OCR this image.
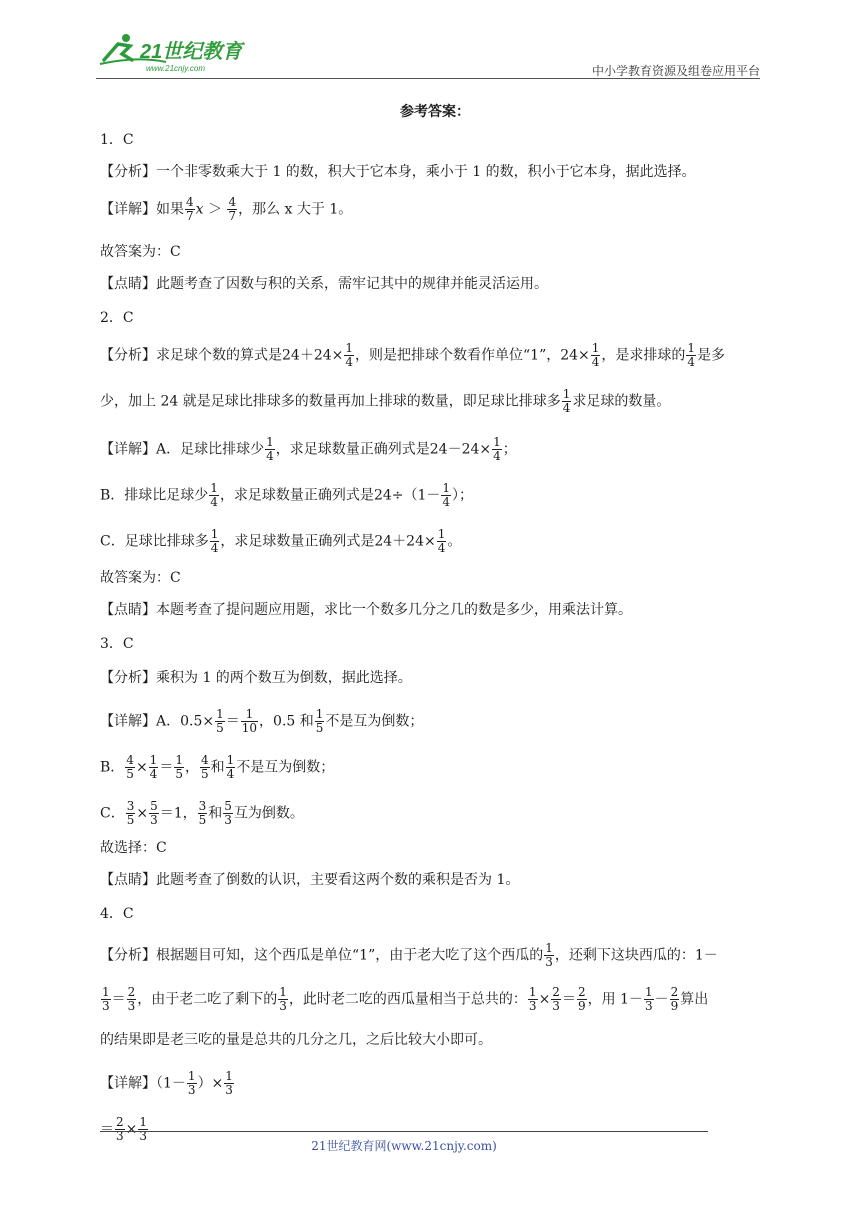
21世纪教育
www.21cnjy.com	中小学教育资源及组卷应用平台
参考答案：
1．C
【分析】一个非零数乘大于 1 的数，积大于它本身，乘小于 1 的数，积小于它本身，据此选择。
【详解】如果 $\frac{4}{7}$ $x > \frac{4}{7}$ ，那么 x 大于 1。
故答案为：C
【点睛】此题考查了因数与积的关系，需牢记其中的规律并能灵活运用。
2．C
【分析】求足球个数的算式是$24+24\times \frac{1}{4}$ ，则是把排球个数看作单位“1”，$24\times \frac{1}{4}$ ，是求排球的 $\frac{1}{4}$ 是多
少，加上 24 就是足球比排球多的数量再加上排球的数量，即足球比排球多 $\frac{1}{4}$ 求足球的数量。
【详解】A．足球比排球少 $\frac{1}{4}$ ，求足球数量正确列式是$24-24\times \frac{1}{4}$ ；
B．排球比足球少 $\frac{1}{4}$ ，求足球数量正确列式是$24\div(1- \frac{1}{4}$ ）；
C．足球比排球多 $\frac{1}{4}$ ，求足球数量正确列式是$24+24\times \frac{1}{4}$ 。
故答案为：C
【点睛】本题考查了提问题应用题，求比一个数多几分之几的数是多少，用乘法计算。
3．C
【分析】乘积为 1 的两个数互为倒数，据此选择。
【详解】A．$0.5\times \frac{1}{5} = \frac{1}{10}$ ，0.5 和 $\frac{1}{5}$ 不是互为倒数；
B． $\frac{4}{5} \times \frac{1}{4} = \frac{1}{5}$ ， $\frac{4}{5}$ 和 $\frac{1}{4}$ 不是互为倒数；
C． $\frac{3}{5} \times \frac{5}{3} =1$， $\frac{3}{5}$ 和 $\frac{5}{3}$ 互为倒数。
故选择：C
【点睛】此题考查了倒数的认识，主要看这两个数的乘积是否为 1。
4．C
【分析】根据题目可知，这个西瓜是单位“1”，由于老大吃了这个西瓜的 $\frac{1}{3}$ ，还剩下这块西瓜的：1－
$\frac{1}{3} = \frac{2}{3}$ ，由于老二吃了剩下的 $\frac{1}{3}$ ，此时老二吃的西瓜量相当于总共的： $\frac{1}{3} \times \frac{2}{3} = \frac{2}{9}$ ，用 $1- \frac{1}{3} - \frac{2}{9}$ 算出
的结果即是老三吃的量是总共的几分之几，之后比较大小即可。
【详解】（$1- \frac{1}{3}$ ）× $\frac{1}{3}$
＝ $\frac{2}{3} \times \frac{1}{3}$
21世纪教育网(www.21cnjy.com)
